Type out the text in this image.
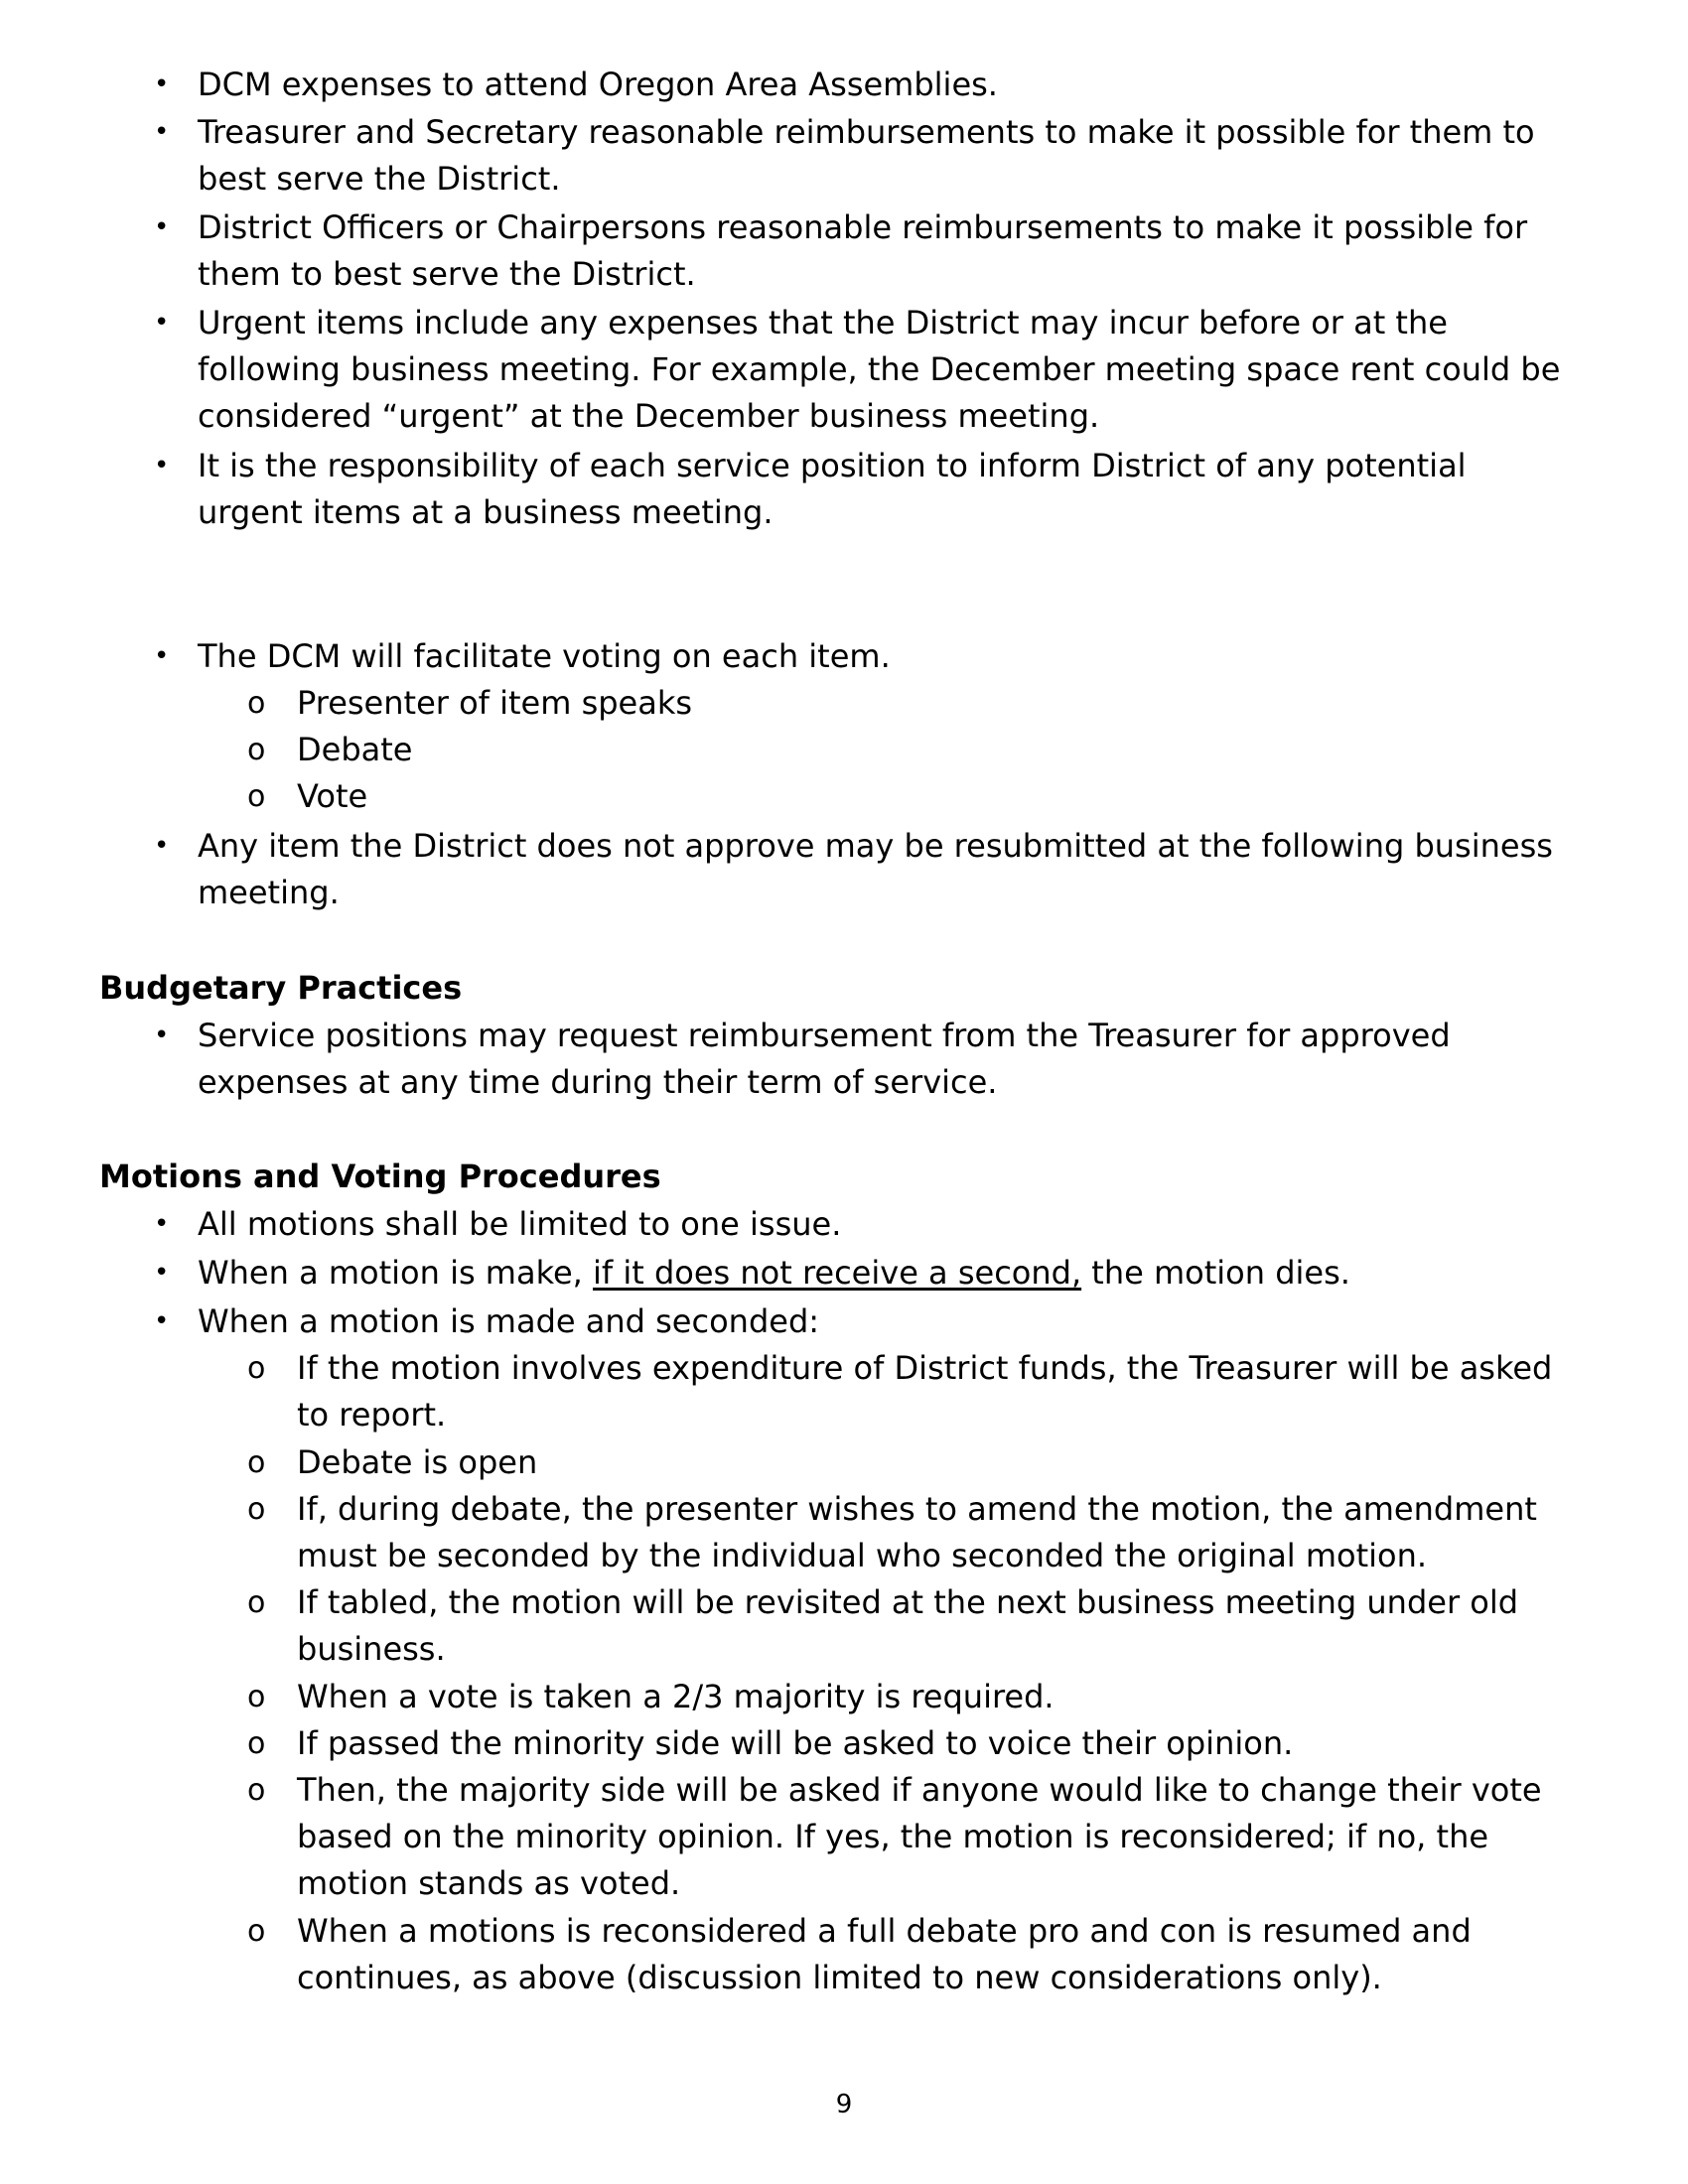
• DCM expenses to attend Oregon Area Assemblies.
• Treasurer and Secretary reasonable reimbursements to make it possible for them to best serve the District.
• District Officers or Chairpersons reasonable reimbursements to make it possible for them to best serve the District.
• Urgent items include any expenses that the District may incur before or at the following business meeting. For example, the December meeting space rent could be considered “urgent” at the December business meeting.
• It is the responsibility of each service position to inform District of any potential urgent items at a business meeting.
• The DCM will facilitate voting on each item.
o Presenter of item speaks
o Debate
o Vote
• Any item the District does not approve may be resubmitted at the following business meeting.
Budgetary Practices
• Service positions may request reimbursement from the Treasurer for approved expenses at any time during their term of service.
Motions and Voting Procedures
• All motions shall be limited to one issue.
• When a motion is make, if it does not receive a second, the motion dies.
• When a motion is made and seconded:
o If the motion involves expenditure of District funds, the Treasurer will be asked to report.
o Debate is open
o If, during debate, the presenter wishes to amend the motion, the amendment must be seconded by the individual who seconded the original motion.
o If tabled, the motion will be revisited at the next business meeting under old business.
o When a vote is taken a 2/3 majority is required.
o If passed the minority side will be asked to voice their opinion.
o Then, the majority side will be asked if anyone would like to change their vote based on the minority opinion. If yes, the motion is reconsidered; if no, the motion stands as voted.
o When a motions is reconsidered a full debate pro and con is resumed and continues, as above (discussion limited to new considerations only).
9
